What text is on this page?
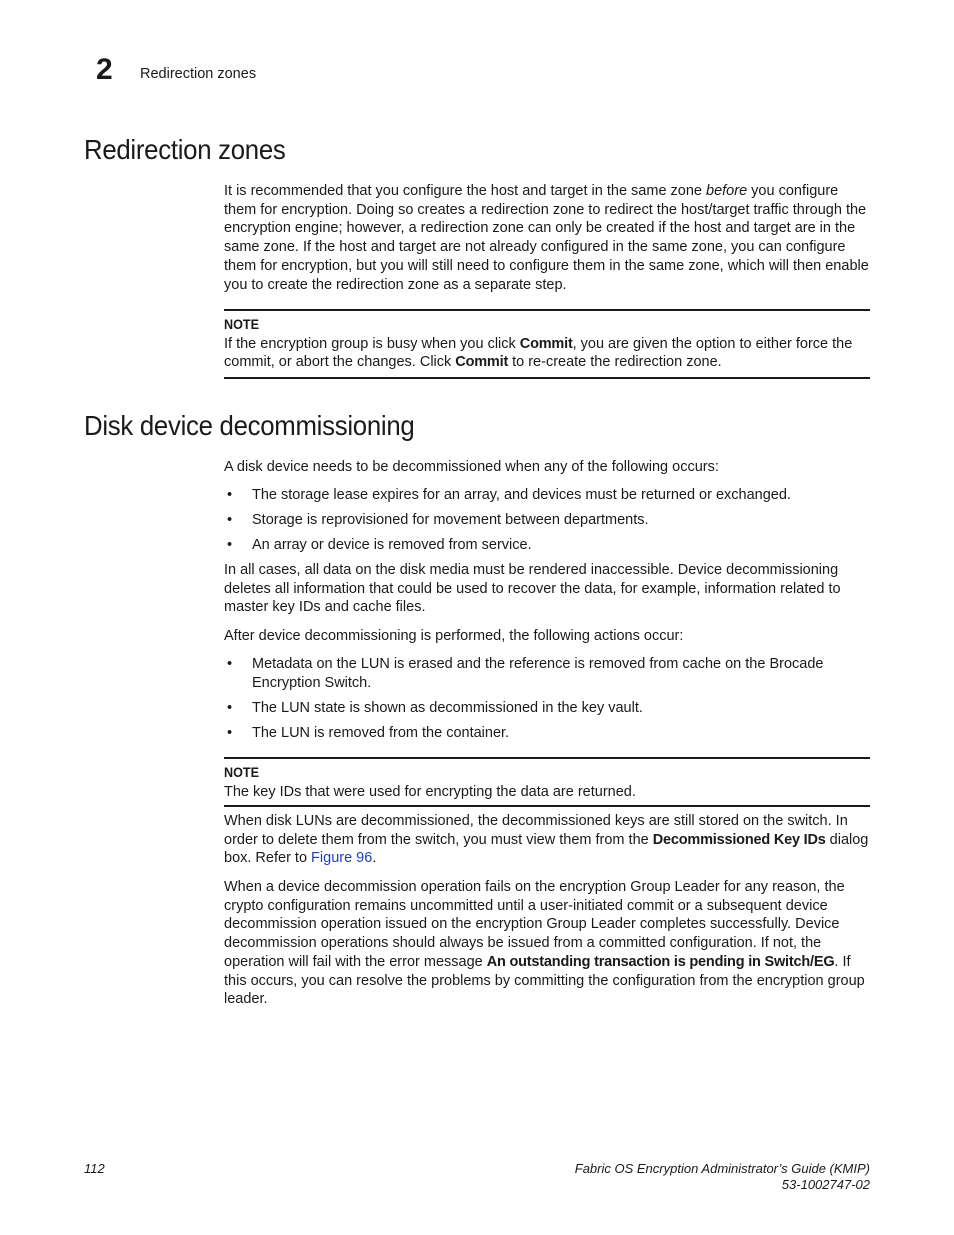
2 Redirection zones
Redirection zones

It is recommended that you configure the host and target in the same zone before you configure them for encryption. Doing so creates a redirection zone to redirect the host/target traffic through the encryption engine; however, a redirection zone can only be created if the host and target are in the same zone. If the host and target are not already configured in the same zone, you can configure them for encryption, but you will still need to configure them in the same zone, which will then enable you to create the redirection zone as a separate step.

NOTE
If the encryption group is busy when you click Commit, you are given the option to either force the commit, or abort the changes. Click Commit to re-create the redirection zone.
Disk device decommissioning

A disk device needs to be decommissioned when any of the following occurs:

• The storage lease expires for an array, and devices must be returned or exchanged.
• Storage is reprovisioned for movement between departments.
• An array or device is removed from service.

In all cases, all data on the disk media must be rendered inaccessible. Device decommissioning deletes all information that could be used to recover the data, for example, information related to master key IDs and cache files.

After device decommissioning is performed, the following actions occur:

• Metadata on the LUN is erased and the reference is removed from cache on the Brocade Encryption Switch.
• The LUN state is shown as decommissioned in the key vault.
• The LUN is removed from the container.
NOTE
The key IDs that were used for encrypting the data are returned.

When disk LUNs are decommissioned, the decommissioned keys are still stored on the switch. In order to delete them from the switch, you must view them from the Decommissioned Key IDs dialog box. Refer to Figure 96.

When a device decommission operation fails on the encryption Group Leader for any reason, the crypto configuration remains uncommitted until a user-initiated commit or a subsequent device decommission operation issued on the encryption Group Leader completes successfully. Device decommission operations should always be issued from a committed configuration. If not, the operation will fail with the error message An outstanding transaction is pending in Switch/EG. If this occurs, you can resolve the problems by committing the configuration from the encryption group leader.

112	Fabric OS Encryption Administrator’s Guide (KMIP)
53-1002747-02
